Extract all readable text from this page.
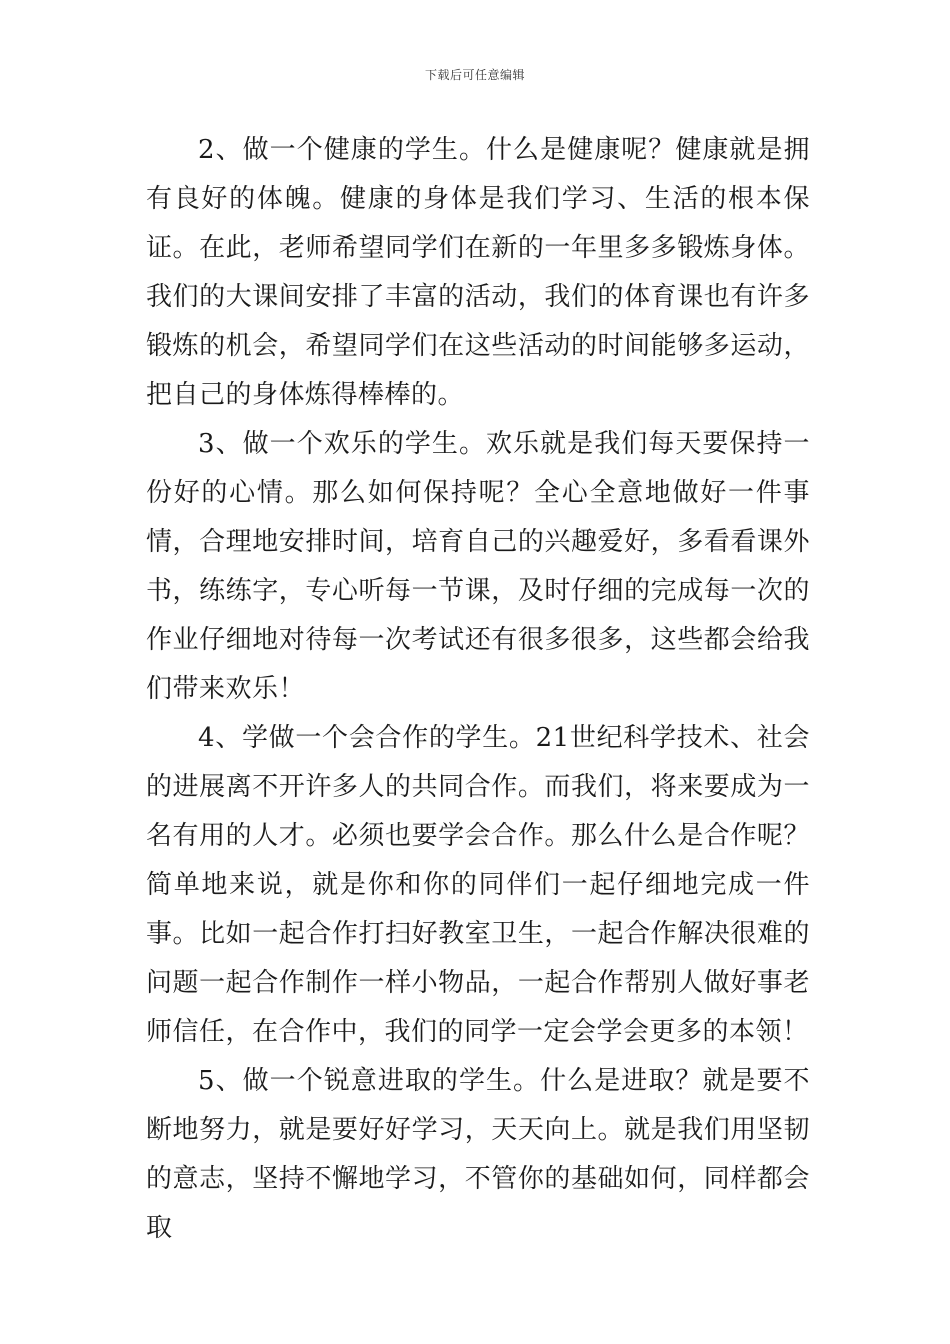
下载后可任意编辑

2、做一个健康的学生。什么是健康呢？健康就是拥有良好的体魄。健康的身体是我们学习、生活的根本保证。在此，老师希望同学们在新的一年里多多锻炼身体。我们的大课间安排了丰富的活动，我们的体育课也有许多锻炼的机会，希望同学们在这些活动的时间能够多运动，把自己的身体炼得棒棒的。

3、做一个欢乐的学生。欢乐就是我们每天要保持一份好的心情。那么如何保持呢？全心全意地做好一件事情，合理地安排时间，培育自己的兴趣爱好，多看看课外书，练练字，专心听每一节课，及时仔细的完成每一次的作业仔细地对待每一次考试还有很多很多，这些都会给我们带来欢乐！

4、学做一个会合作的学生。21世纪科学技术、社会的进展离不开许多人的共同合作。而我们，将来要成为一名有用的人才。必须也要学会合作。那么什么是合作呢？简单地来说，就是你和你的同伴们一起仔细地完成一件事。比如一起合作打扫好教室卫生，一起合作解决很难的问题一起合作制作一样小物品，一起合作帮别人做好事老师信任，在合作中，我们的同学一定会学会更多的本领！

5、做一个锐意进取的学生。什么是进取？就是要不断地努力，就是要好好学习，天天向上。就是我们用坚韧的意志，坚持不懈地学习，不管你的基础如何，同样都会取
